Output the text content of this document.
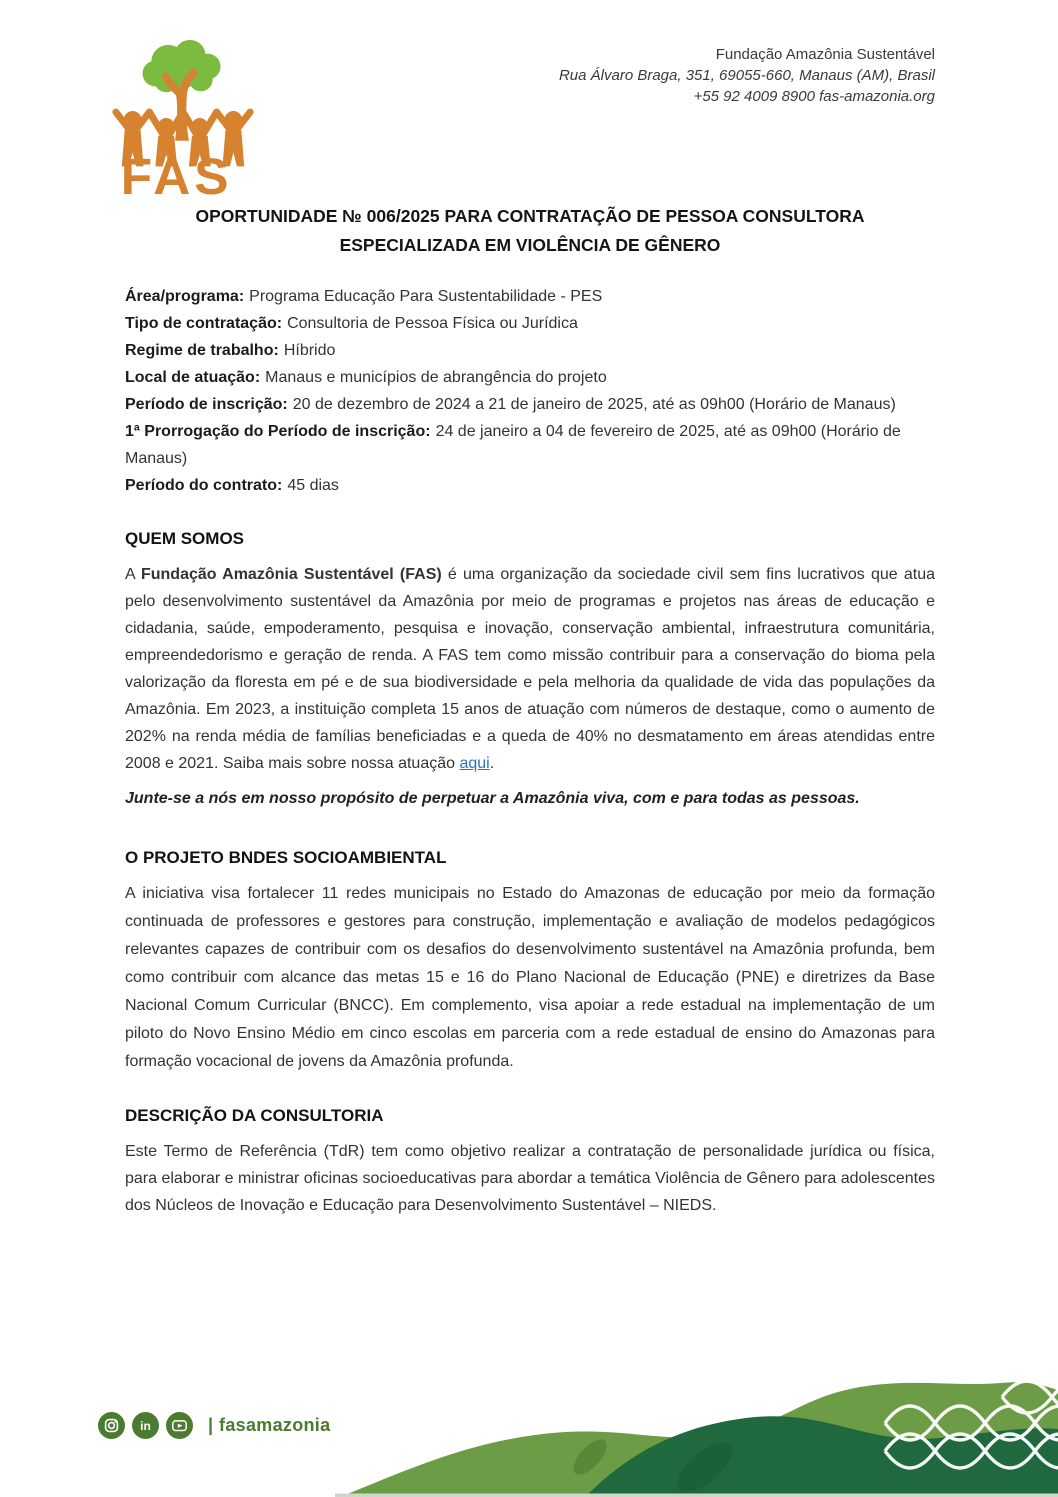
FAS
Fundação Amazônia Sustentável
Rua Álvaro Braga, 351, 69055-660, Manaus (AM), Brasil
+55 92 4009 8900 fas-amazonia.org
OPORTUNIDADE № 006/2025 PARA CONTRATAÇÃO DE PESSOA CONSULTORA ESPECIALIZADA EM VIOLÊNCIA DE GÊNERO

Área/programa: Programa Educação Para Sustentabilidade - PES

Tipo de contratação: Consultoria de Pessoa Física ou Jurídica

Regime de trabalho: Híbrido

Local de atuação: Manaus e municípios de abrangência do projeto

Período de inscrição: 20 de dezembro de 2024 a 21 de janeiro de 2025, até as 09h00 (Horário de Manaus)

1ª Prorrogação do Período de inscrição: 24 de janeiro a 04 de fevereiro de 2025, até as 09h00 (Horário de Manaus)

Período do contrato: 45 dias

QUEM SOMOS

A Fundação Amazônia Sustentável (FAS) é uma organização da sociedade civil sem fins lucrativos que atua pelo desenvolvimento sustentável da Amazônia por meio de programas e projetos nas áreas de educação e cidadania, saúde, empoderamento, pesquisa e inovação, conservação ambiental, infraestrutura comunitária, empreendedorismo e geração de renda. A FAS tem como missão contribuir para a conservação do bioma pela valorização da floresta em pé e de sua biodiversidade e pela melhoria da qualidade de vida das populações da Amazônia. Em 2023, a instituição completa 15 anos de atuação com números de destaque, como o aumento de 202% na renda média de famílias beneficiadas e a queda de 40% no desmatamento em áreas atendidas entre 2008 e 2021. Saiba mais sobre nossa atuação aqui.

Junte-se a nós em nosso propósito de perpetuar a Amazônia viva, com e para todas as pessoas.

O PROJETO BNDES SOCIOAMBIENTAL

A iniciativa visa fortalecer 11 redes municipais no Estado do Amazonas de educação por meio da formação continuada de professores e gestores para construção, implementação e avaliação de modelos pedagógicos relevantes capazes de contribuir com os desafios do desenvolvimento sustentável na Amazônia profunda, bem como contribuir com alcance das metas 15 e 16 do Plano Nacional de Educação (PNE) e diretrizes da Base Nacional Comum Curricular (BNCC). Em complemento, visa apoiar a rede estadual na implementação de um piloto do Novo Ensino Médio em cinco escolas em parceria com a rede estadual de ensino do Amazonas para formação vocacional de jovens da Amazônia profunda.

DESCRIÇÃO DA CONSULTORIA

Este Termo de Referência (TdR) tem como objetivo realizar a contratação de personalidade jurídica ou física, para elaborar e ministrar oficinas socioeducativas para abordar a temática Violência de Gênero para adolescentes dos Núcleos de Inovação e Educação para Desenvolvimento Sustentável – NIEDS.

in	| fasamazonia
